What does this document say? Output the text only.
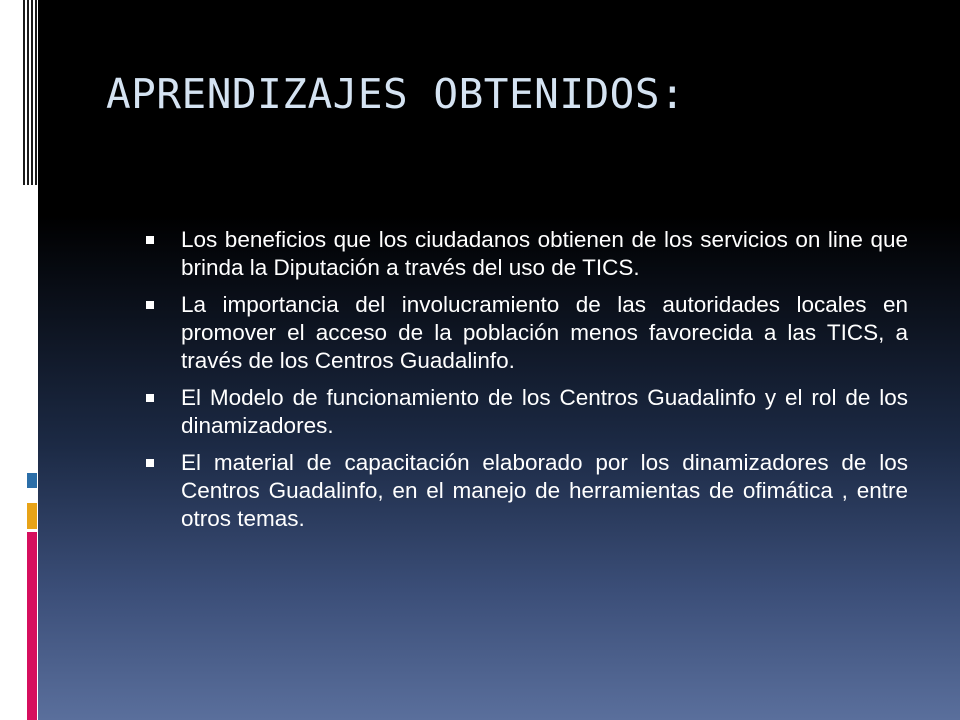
APRENDIZAJES OBTENIDOS:
Los beneficios que los ciudadanos obtienen de los servicios on line que brinda la Diputación a través del uso de TICS.
La importancia del involucramiento de las autoridades locales en promover el acceso de la población menos favorecida a las TICS, a través de los Centros Guadalinfo.
El Modelo de funcionamiento de los Centros Guadalinfo y el rol de los dinamizadores.
El material de capacitación elaborado por los dinamizadores de los Centros Guadalinfo, en el manejo de herramientas de ofimática , entre otros temas.
